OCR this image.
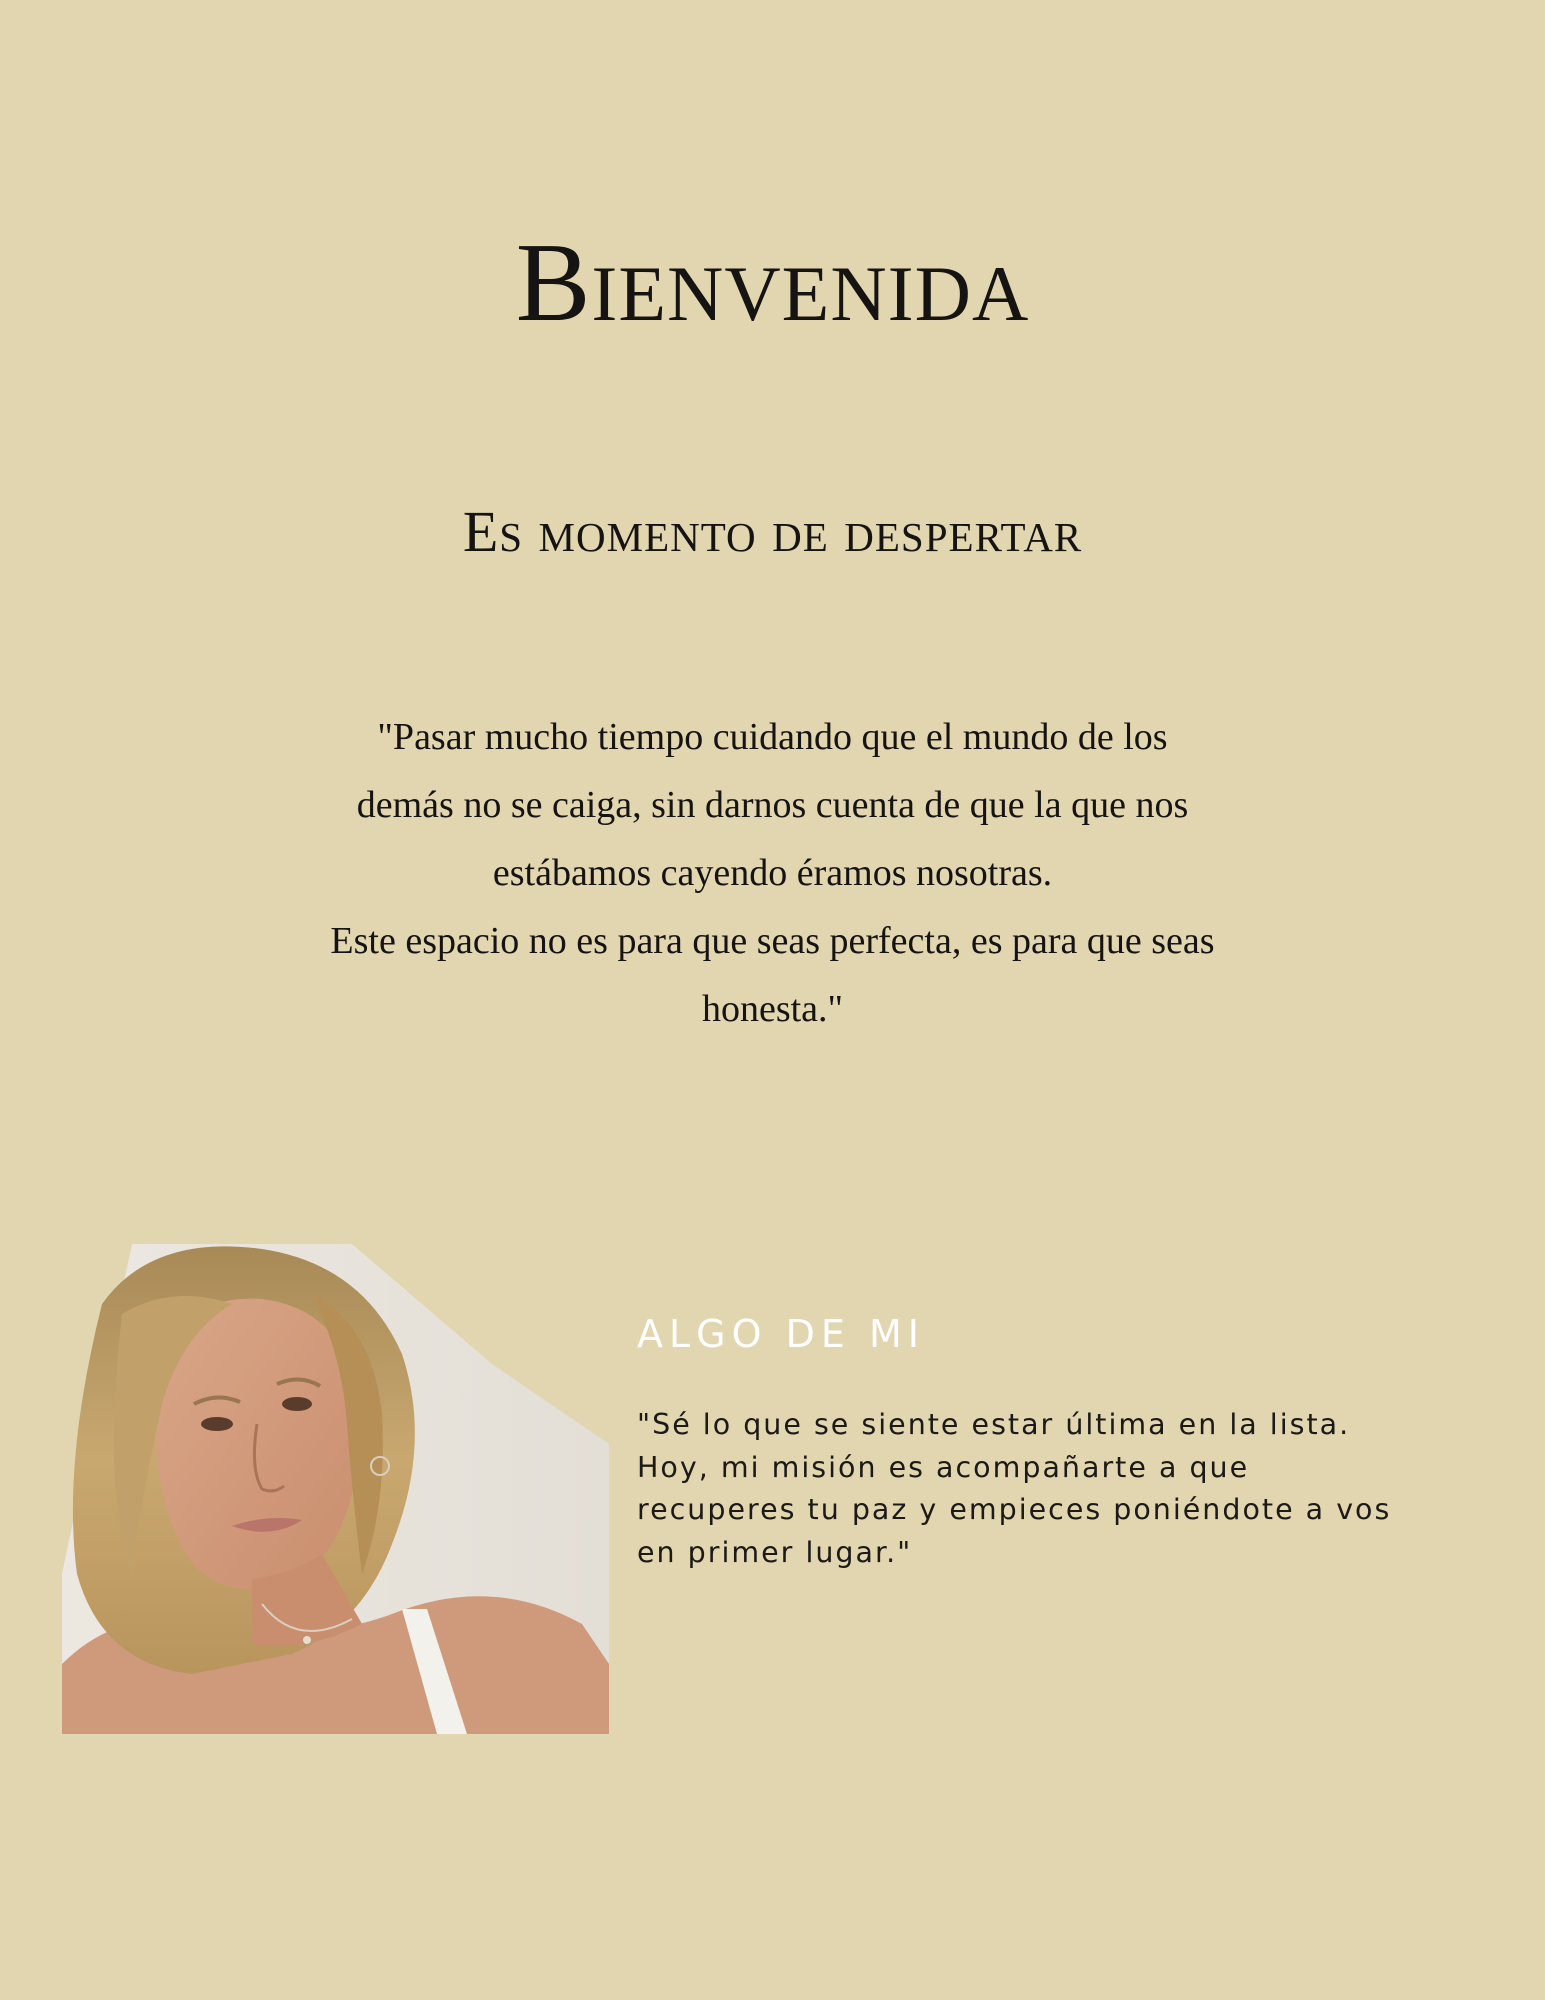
Bienvenida
Es momento de despertar

"Pasar mucho tiempo cuidando que el mundo de los
demás no se caiga, sin darnos cuenta de que la que nos
estábamos cayendo éramos nosotras.
Este espacio no es para que seas perfecta, es para que seas
honesta."

ALGO DE MI

"Sé lo que se siente estar última en la lista.
Hoy, mi misión es acompañarte a que
recuperes tu paz y empieces poniéndote a vos
en primer lugar."
